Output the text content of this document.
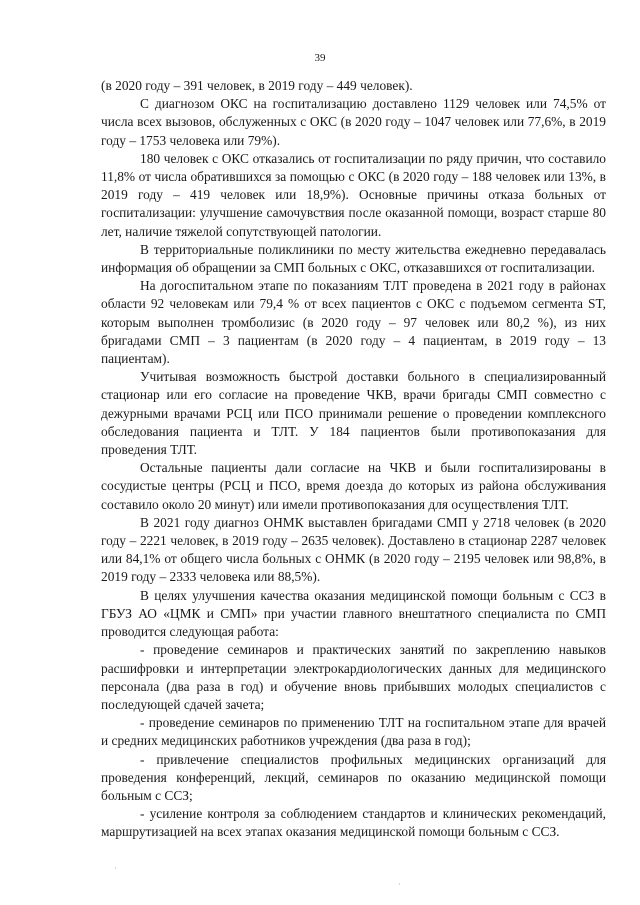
39

(в 2020 году – 391 человек, в 2019 году – 449 человек).

С диагнозом ОКС на госпитализацию доставлено 1129 человек или 74,5% от числа всех вызовов, обслуженных с ОКС (в 2020 году – 1047 человек или 77,6%, в 2019 году – 1753 человека или 79%).

180 человек с ОКС отказались от госпитализации по ряду причин, что составило 11,8% от числа обратившихся за помощью с ОКС (в 2020 году – 188 человек или 13%, в 2019 году – 419 человек или 18,9%). Основные причины отказа больных от госпитализации: улучшение самочувствия после оказанной помощи, возраст старше 80 лет, наличие тяжелой сопутствующей патологии.

В территориальные поликлиники по месту жительства ежедневно передавалась информация об обращении за СМП больных с ОКС, отказавшихся от госпитализации.

На догоспитальном этапе по показаниям ТЛТ проведена в 2021 году в районах области 92 человекам или 79,4 % от всех пациентов с ОКС с подъемом сегмента ST, которым выполнен тромболизис (в 2020 году – 97 человек или 80,2 %), из них бригадами СМП – 3 пациентам (в 2020 году – 4 пациентам, в 2019 году – 13 пациентам).

Учитывая возможность быстрой доставки больного в специализированный стационар или его согласие на проведение ЧКВ, врачи бригады СМП совместно с дежурными врачами РСЦ или ПСО принимали решение о проведении комплексного обследования пациента и ТЛТ. У 184 пациентов были противопоказания для проведения ТЛТ.

Остальные пациенты дали согласие на ЧКВ и были госпитализированы в сосудистые центры (РСЦ и ПСО, время доезда до которых из района обслуживания составило около 20 минут) или имели противопоказания для осуществления ТЛТ.

В 2021 году диагноз ОНМК выставлен бригадами СМП у 2718 человек (в 2020 году – 2221 человек, в 2019 году – 2635 человек). Доставлено в стационар 2287 человек или 84,1% от общего числа больных с ОНМК (в 2020 году – 2195 человек или 98,8%, в 2019 году – 2333 человека или 88,5%).

В целях улучшения качества оказания медицинской помощи больным с ССЗ в ГБУЗ АО «ЦМК и СМП» при участии главного внештатного специалиста по СМП проводится следующая работа:

- проведение семинаров и практических занятий по закреплению навыков расшифровки и интерпретации электрокардиологических данных для медицинского персонала (два раза в год) и обучение вновь прибывших молодых специалистов с последующей сдачей зачета;

- проведение семинаров по применению ТЛТ на госпитальном этапе для врачей и средних медицинских работников учреждения (два раза в год);

- привлечение специалистов профильных медицинских организаций для проведения конференций, лекций, семинаров по оказанию медицинской помощи больным с ССЗ;

- усиление контроля за соблюдением стандартов и клинических рекомендаций, маршрутизацией на всех этапах оказания медицинской помощи больным с ССЗ.

·
·
